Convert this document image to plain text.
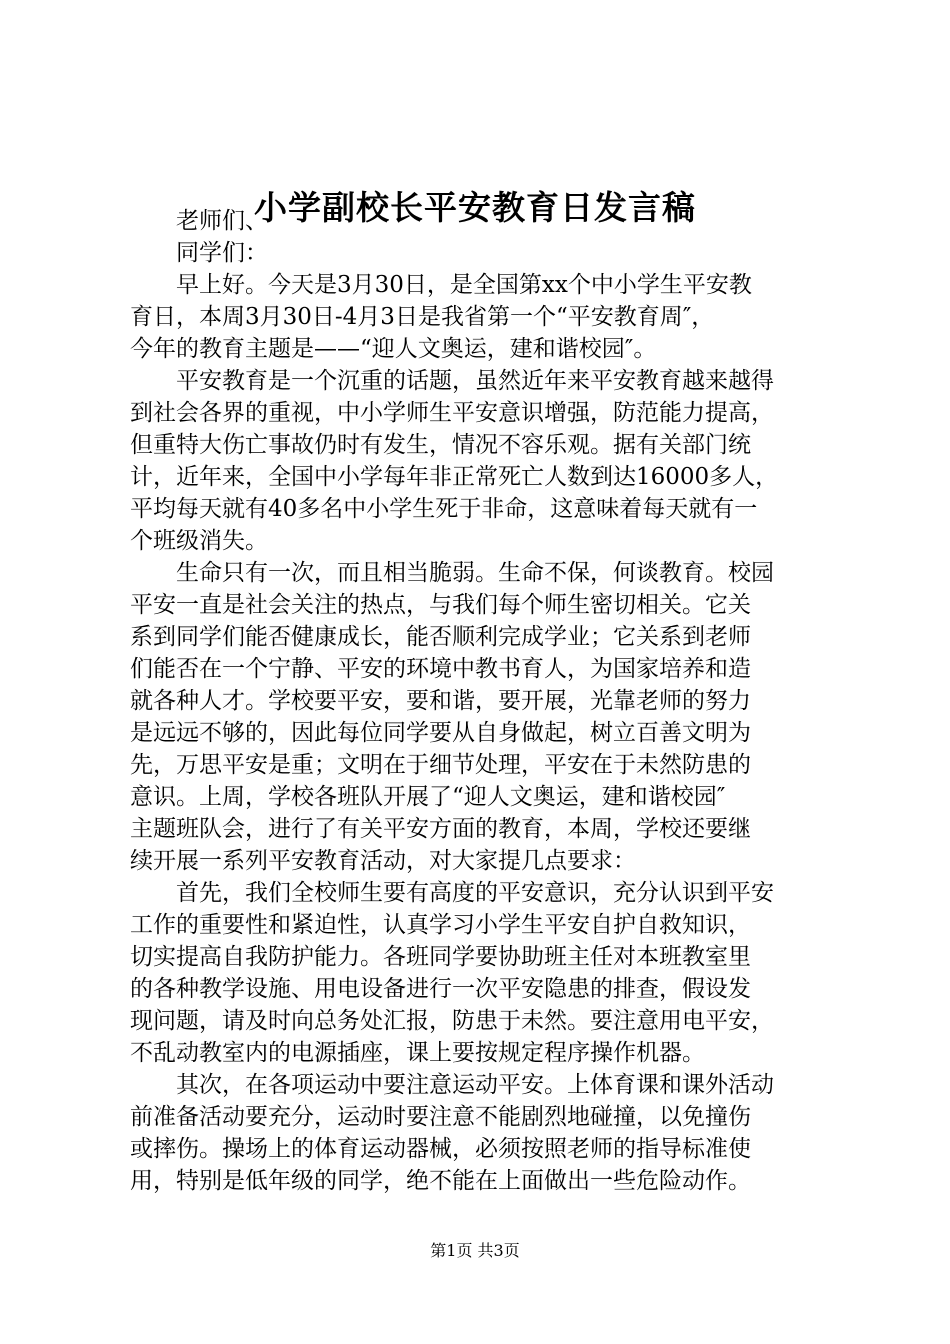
小学副校长平安教育日发言稿

老师们、

同学们：

早上好。今天是3月30日，是全国第xx个中小学生平安教

育日，本周3月30日-4月3日是我省第一个“平安教育周″，

今年的教育主题是——“迎人文奥运，建和谐校园″。

平安教育是一个沉重的话题，虽然近年来平安教育越来越得

到社会各界的重视，中小学师生平安意识增强，防范能力提高，

但重特大伤亡事故仍时有发生，情况不容乐观。据有关部门统

计，近年来，全国中小学每年非正常死亡人数到达16000多人，

平均每天就有40多名中小学生死于非命，这意味着每天就有一

个班级消失。

生命只有一次，而且相当脆弱。生命不保，何谈教育。校园

平安一直是社会关注的热点，与我们每个师生密切相关。它关

系到同学们能否健康成长，能否顺利完成学业；它关系到老师

们能否在一个宁静、平安的环境中教书育人，为国家培养和造

就各种人才。学校要平安，要和谐，要开展，光靠老师的努力

是远远不够的，因此每位同学要从自身做起，树立百善文明为

先，万思平安是重；文明在于细节处理，平安在于未然防患的

意识。上周，学校各班队开展了“迎人文奥运，建和谐校园″

主题班队会，进行了有关平安方面的教育，本周，学校还要继

续开展一系列平安教育活动，对大家提几点要求：

首先，我们全校师生要有高度的平安意识，充分认识到平安

工作的重要性和紧迫性，认真学习小学生平安自护自救知识，

切实提高自我防护能力。各班同学要协助班主任对本班教室里

的各种教学设施、用电设备进行一次平安隐患的排查，假设发

现问题，请及时向总务处汇报，防患于未然。要注意用电平安，

不乱动教室内的电源插座，课上要按规定程序操作机器。

其次，在各项运动中要注意运动平安。上体育课和课外活动

前准备活动要充分，运动时要注意不能剧烈地碰撞，以免撞伤

或摔伤。操场上的体育运动器械，必须按照老师的指导标准使

用，特别是低年级的同学，绝不能在上面做出一些危险动作。

第1页 共3页
